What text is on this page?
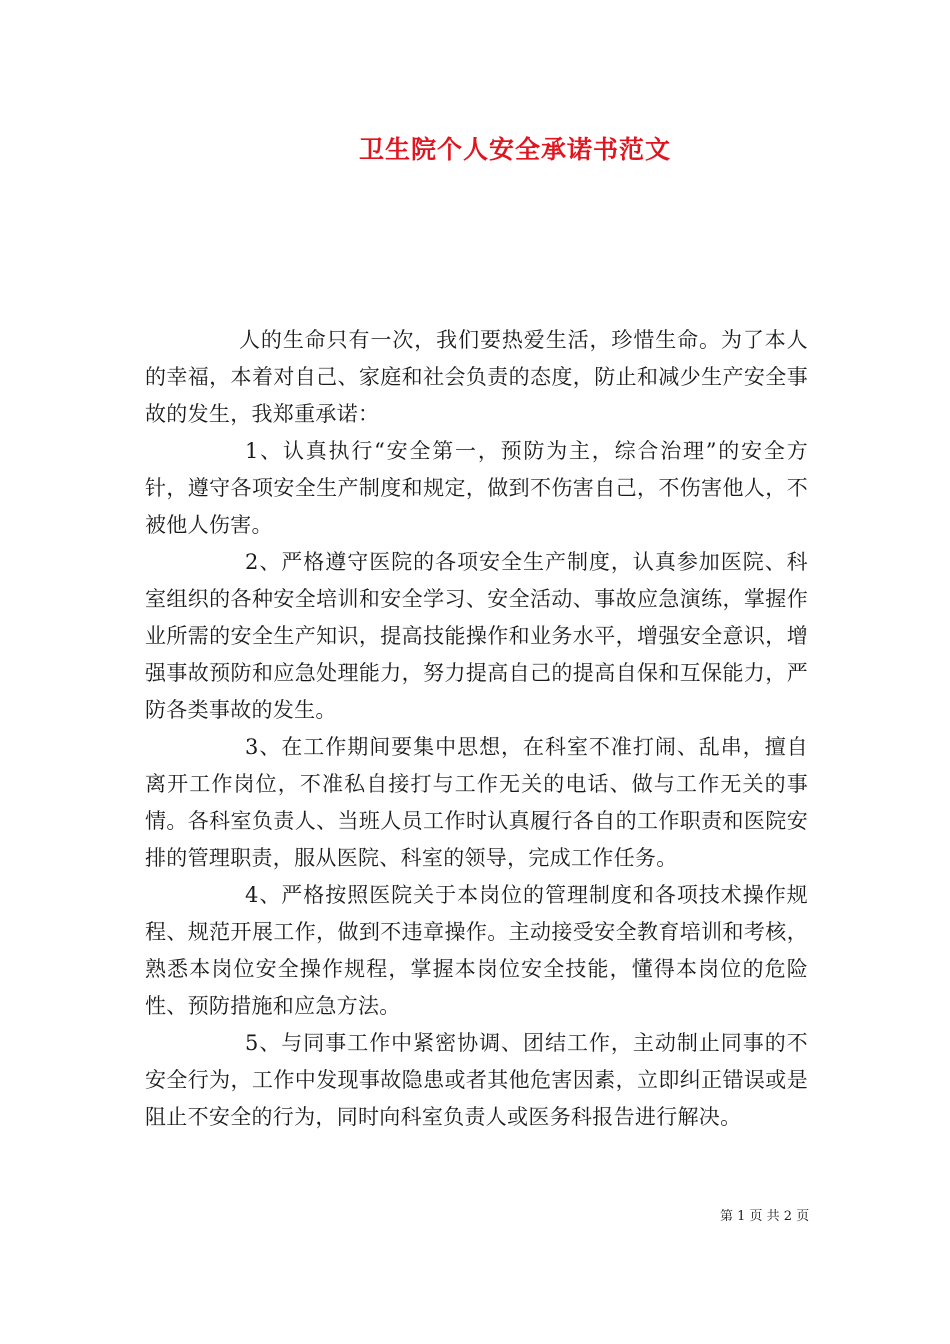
卫生院个人安全承诺书范文

人的生命只有一次，我们要热爱生活，珍惜生命。为了本人的幸福，本着对自己、家庭和社会负责的态度，防止和减少生产安全事故的发生，我郑重承诺：

1、认真执行“安全第一，预防为主，综合治理”的安全方针，遵守各项安全生产制度和规定，做到不伤害自己，不伤害他人，不被他人伤害。

2、严格遵守医院的各项安全生产制度，认真参加医院、科室组织的各种安全培训和安全学习、安全活动、事故应急演练，掌握作业所需的安全生产知识，提高技能操作和业务水平，增强安全意识，增强事故预防和应急处理能力，努力提高自己的提高自保和互保能力，严防各类事故的发生。

3、在工作期间要集中思想，在科室不准打闹、乱串，擅自离开工作岗位，不准私自接打与工作无关的电话、做与工作无关的事情。各科室负责人、当班人员工作时认真履行各自的工作职责和医院安排的管理职责，服从医院、科室的领导，完成工作任务。

4、严格按照医院关于本岗位的管理制度和各项技术操作规程、规范开展工作，做到不违章操作。主动接受安全教育培训和考核，熟悉本岗位安全操作规程，掌握本岗位安全技能，懂得本岗位的危险性、预防措施和应急方法。

5、与同事工作中紧密协调、团结工作，主动制止同事的不安全行为，工作中发现事故隐患或者其他危害因素，立即纠正错误或是阻止不安全的行为，同时向科室负责人或医务科报告进行解决。

第 1 页 共 2 页
